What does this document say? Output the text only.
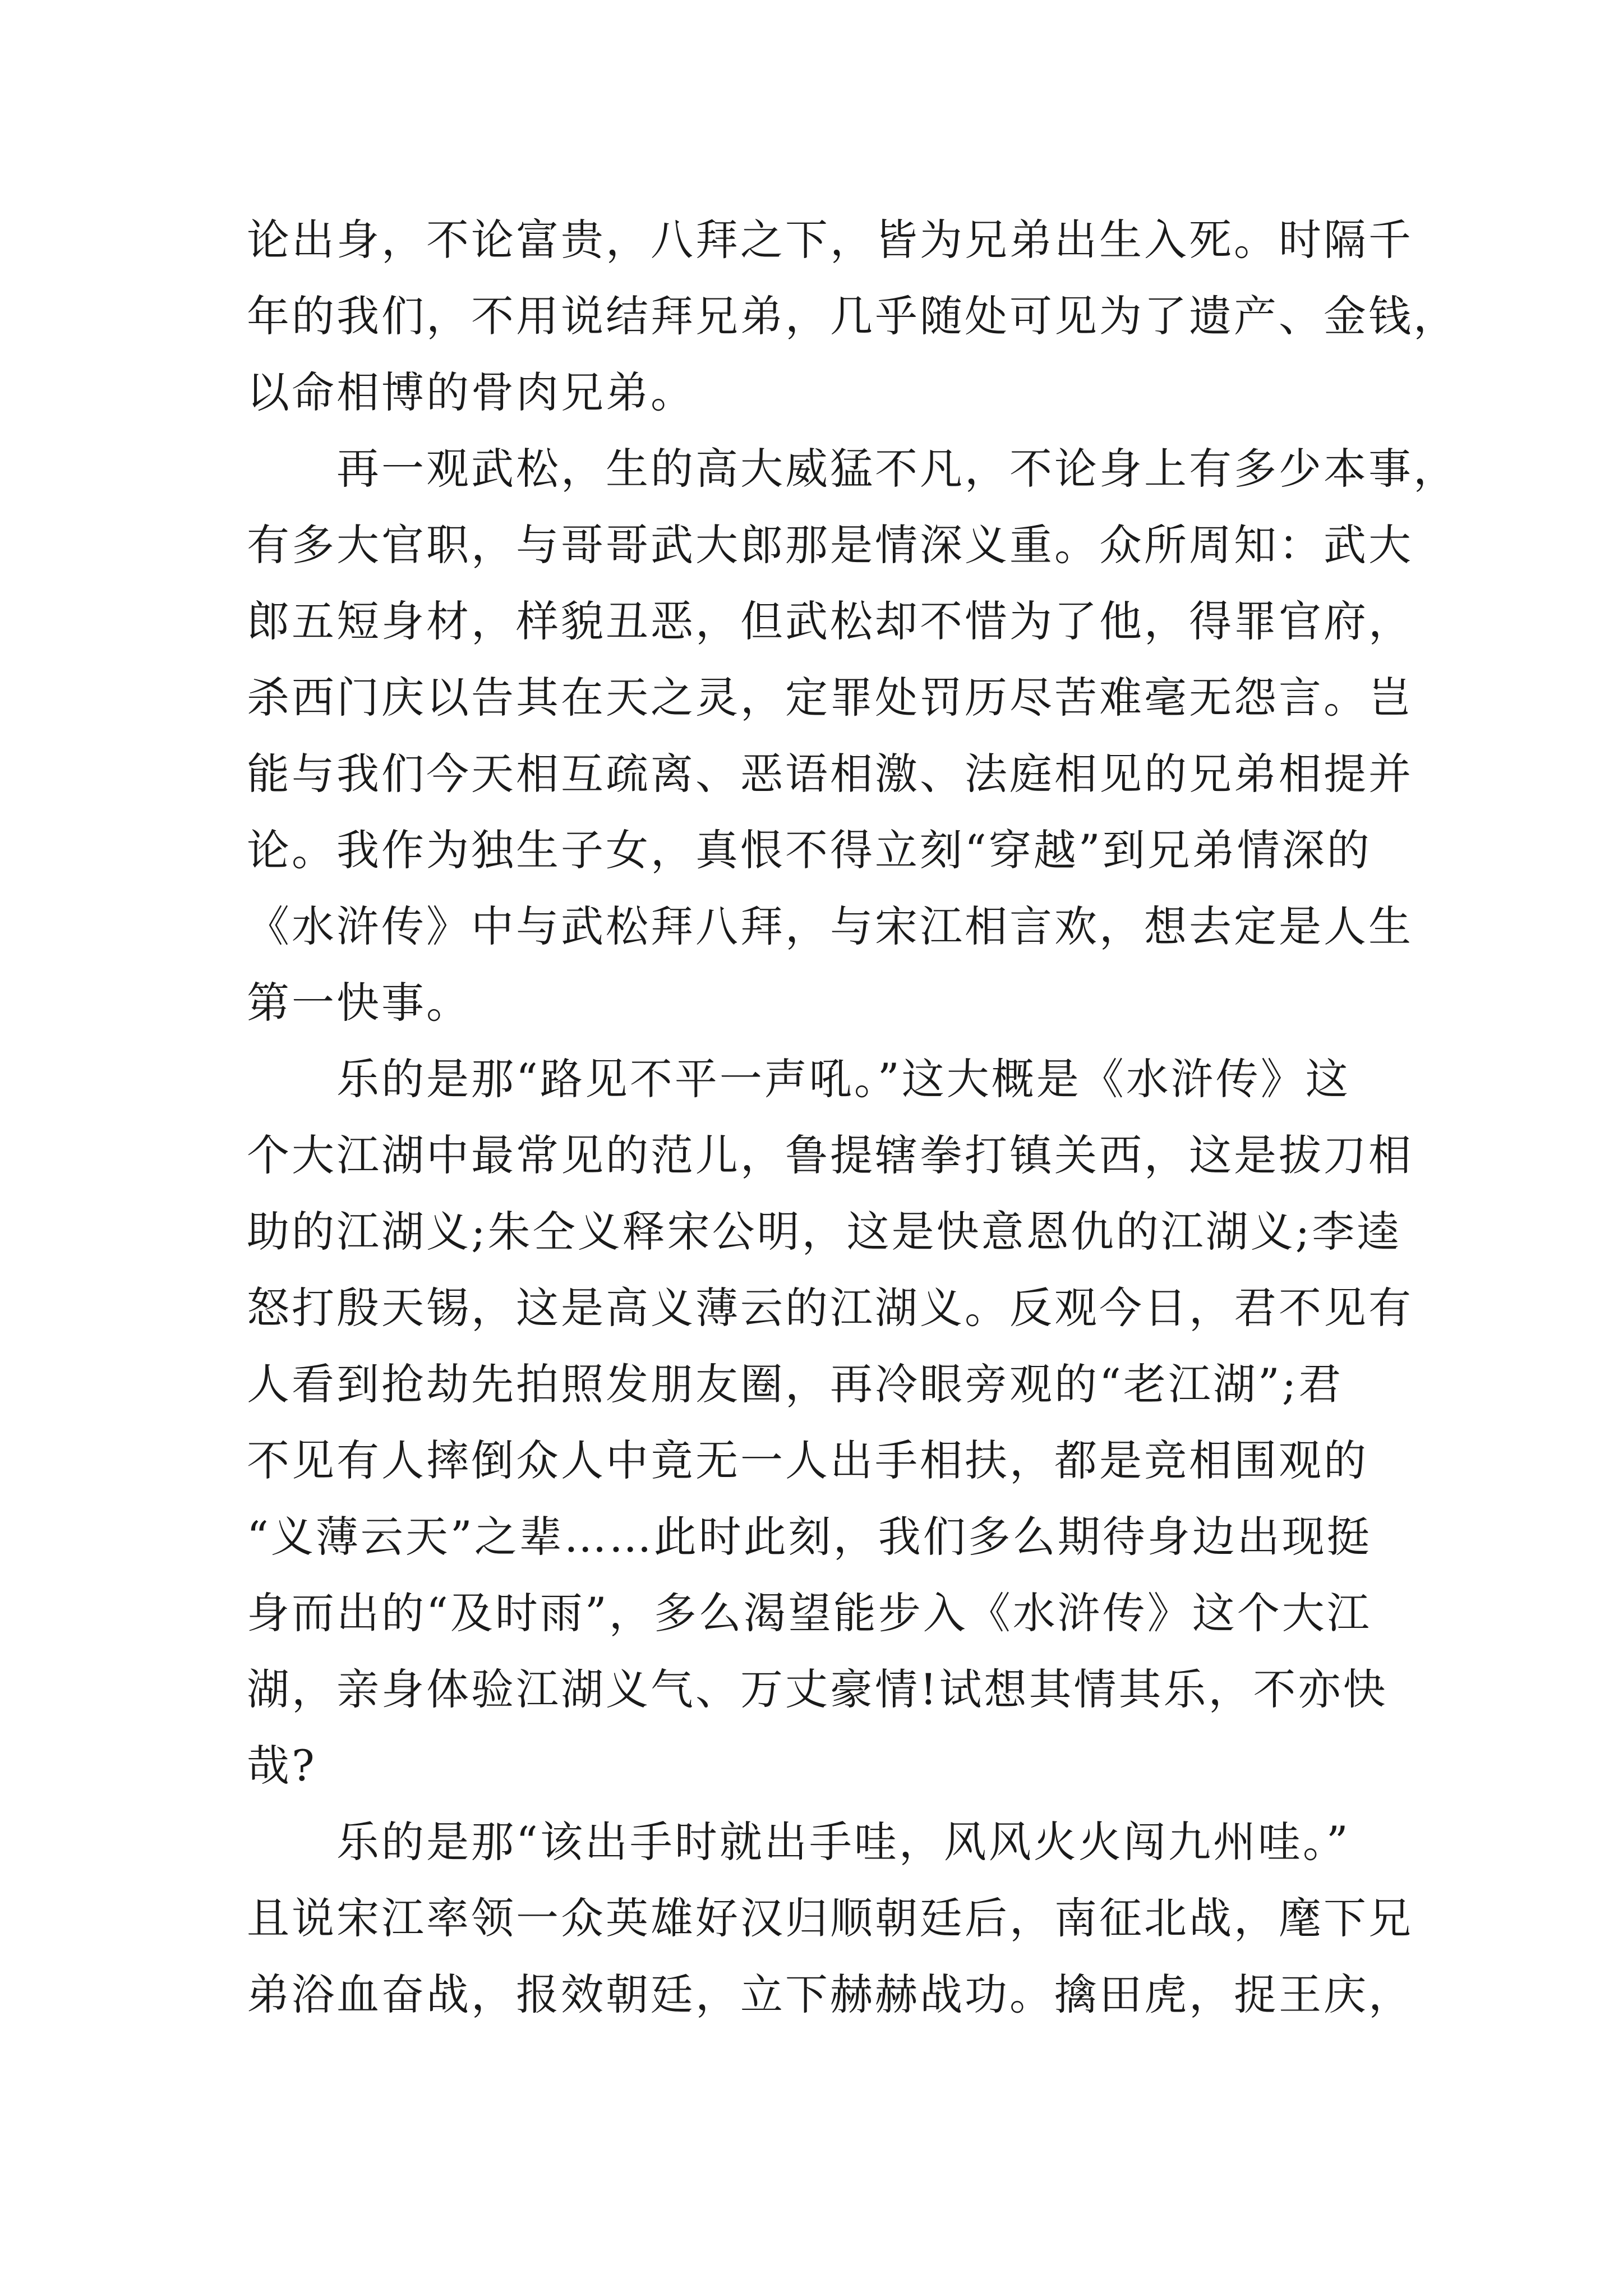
论出身，不论富贵，八拜之下，皆为兄弟出生入死。时隔千
年的我们，不用说结拜兄弟，几乎随处可见为了遗产、金钱，
以命相博的骨肉兄弟。
再一观武松，生的高大威猛不凡，不论身上有多少本事，
有多大官职，与哥哥武大郎那是情深义重。众所周知：武大
郎五短身材，样貌丑恶，但武松却不惜为了他，得罪官府，
杀西门庆以告其在天之灵，定罪处罚历尽苦难毫无怨言。岂
能与我们今天相互疏离、恶语相激、法庭相见的兄弟相提并
论。我作为独生子女，真恨不得立刻“穿越”到兄弟情深的
《水浒传》中与武松拜八拜，与宋江相言欢，想去定是人生
第一快事。
乐的是那“路见不平一声吼。”这大概是《水浒传》这
个大江湖中最常见的范儿，鲁提辖拳打镇关西，这是拔刀相
助的江湖义;朱仝义释宋公明，这是快意恩仇的江湖义;李逵
怒打殷天锡，这是高义薄云的江湖义。反观今日，君不见有
人看到抢劫先拍照发朋友圈，再冷眼旁观的“老江湖”;君
不见有人摔倒众人中竟无一人出手相扶，都是竞相围观的
“义薄云天”之辈……此时此刻，我们多么期待身边出现挺
身而出的“及时雨”，多么渴望能步入《水浒传》这个大江
湖，亲身体验江湖义气、万丈豪情!试想其情其乐，不亦快
哉?
乐的是那“该出手时就出手哇，风风火火闯九州哇。”
且说宋江率领一众英雄好汉归顺朝廷后，南征北战，麾下兄
弟浴血奋战，报效朝廷，立下赫赫战功。擒田虎，捉王庆，
